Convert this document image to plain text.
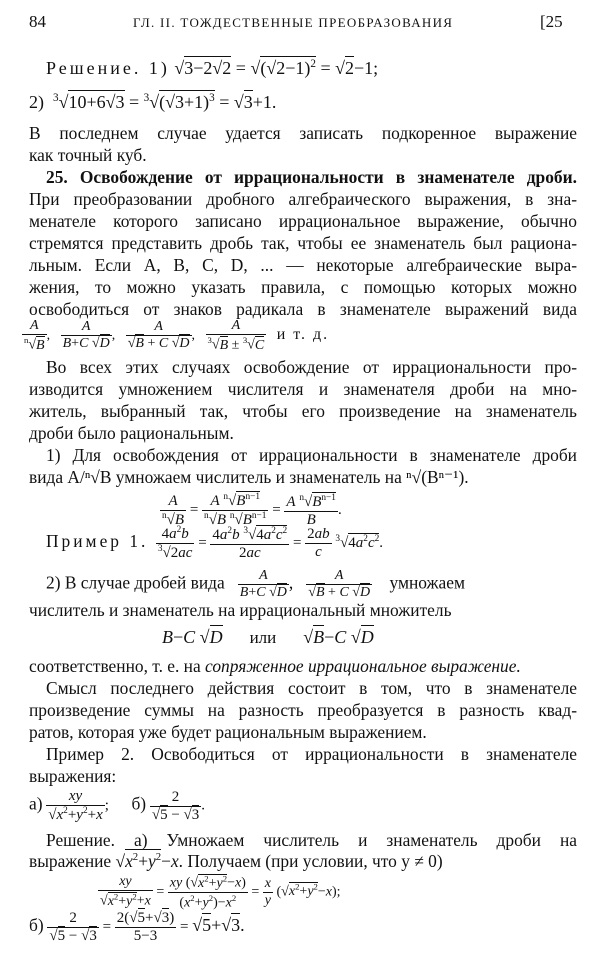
84	ГЛ. II. ТОЖДЕСТВЕННЫЕ ПРЕОБРАЗОВАНИЯ	[25
Решение. 1) $√3-2√2 = √(√2-1)^2 = √2-1$;
2) $^3√10+6√3 = ^3√(√3+1)^3 = √3+1$.
В последнем случае удается записать подкоренное выражение
как точный куб.
25. Освобождение от иррациональности в знаменателе дроби.
При преобразовании дробного алгебраического выражения, в зна-
менателе которого записано иррациональное выражение, обычно
стремятся представить дробь так, чтобы ее знаменатель был рациона-
льным. Если A, B, C, D, ... — некоторые алгебраические выра-
жения, то можно указать правила, с помощью которых можно
освободиться от знаков радикала в знаменателе выражений вида
$\frac{A}{^n√B}$ , $\frac{A}{B+C √D}$ , $\frac{A}{√B + C √D}$ , $\frac{A}{^3√B \pm ^3√C}$ и т. д.
Во всех этих случаях освобождение от иррациональности про-
изводится умножением числителя и знаменателя дроби на мно-
житель, выбранный так, чтобы его произведение на знаменатель
дроби было рациональным.
1) Для освобождения от иррациональности в знаменателе дроби
вида A/ⁿ√B умножаем числитель и знаменатель на ⁿ√(Bⁿ⁻¹).
$\frac{A}{^n√B} = \frac{A ^n√B^{n-1}}{^n√B ^n√B^{n-1}} = \frac{A ^n√B^{n-1}}{B}$ .
Пример 1. $\frac{4a^2b}{^3√2ac} = \frac{4a^2b ^3√4a^2c^2}{2ac} = \frac{2ab}{c} ^3√4a^2c^2$.
2) В случае дробей вида $\frac{A}{B+C √D}$ , $\frac{A}{√B + C √D}$ умножаем
числитель и знаменатель на иррациональный множитель
B−C √D или      √B−C √D
соответственно, т. е. на сопряженное иррациональное выражение.
Смысл последнего действия состоит в том, что в знаменателе
произведение суммы на разность преобразуется в разность квад-
ратов, которая уже будет рациональным выражением.
Пример 2. Освободиться от иррациональности в знаменателе
выражения:
$а) \frac{xy}{√x^2+y^2+x}$ ;      $б) \frac{2}{√5 - √3}$ .
Решение. а) Умножаем числитель и знаменатель дроби на
выражение $√x^2+y^2-x$. Получаем (при условии, что y ≠ 0)
$\frac{xy}{√x^2+y^2+x} = \frac{xy (√x^2+y^2-x)}{(x^2+y^2)-x^2} = \frac{x}{y} (√x^2+y^2-x)$;
$б) \frac{2}{√5 - √3} = \frac{2(√5+√3)}{5-3} = √5+√3$.
